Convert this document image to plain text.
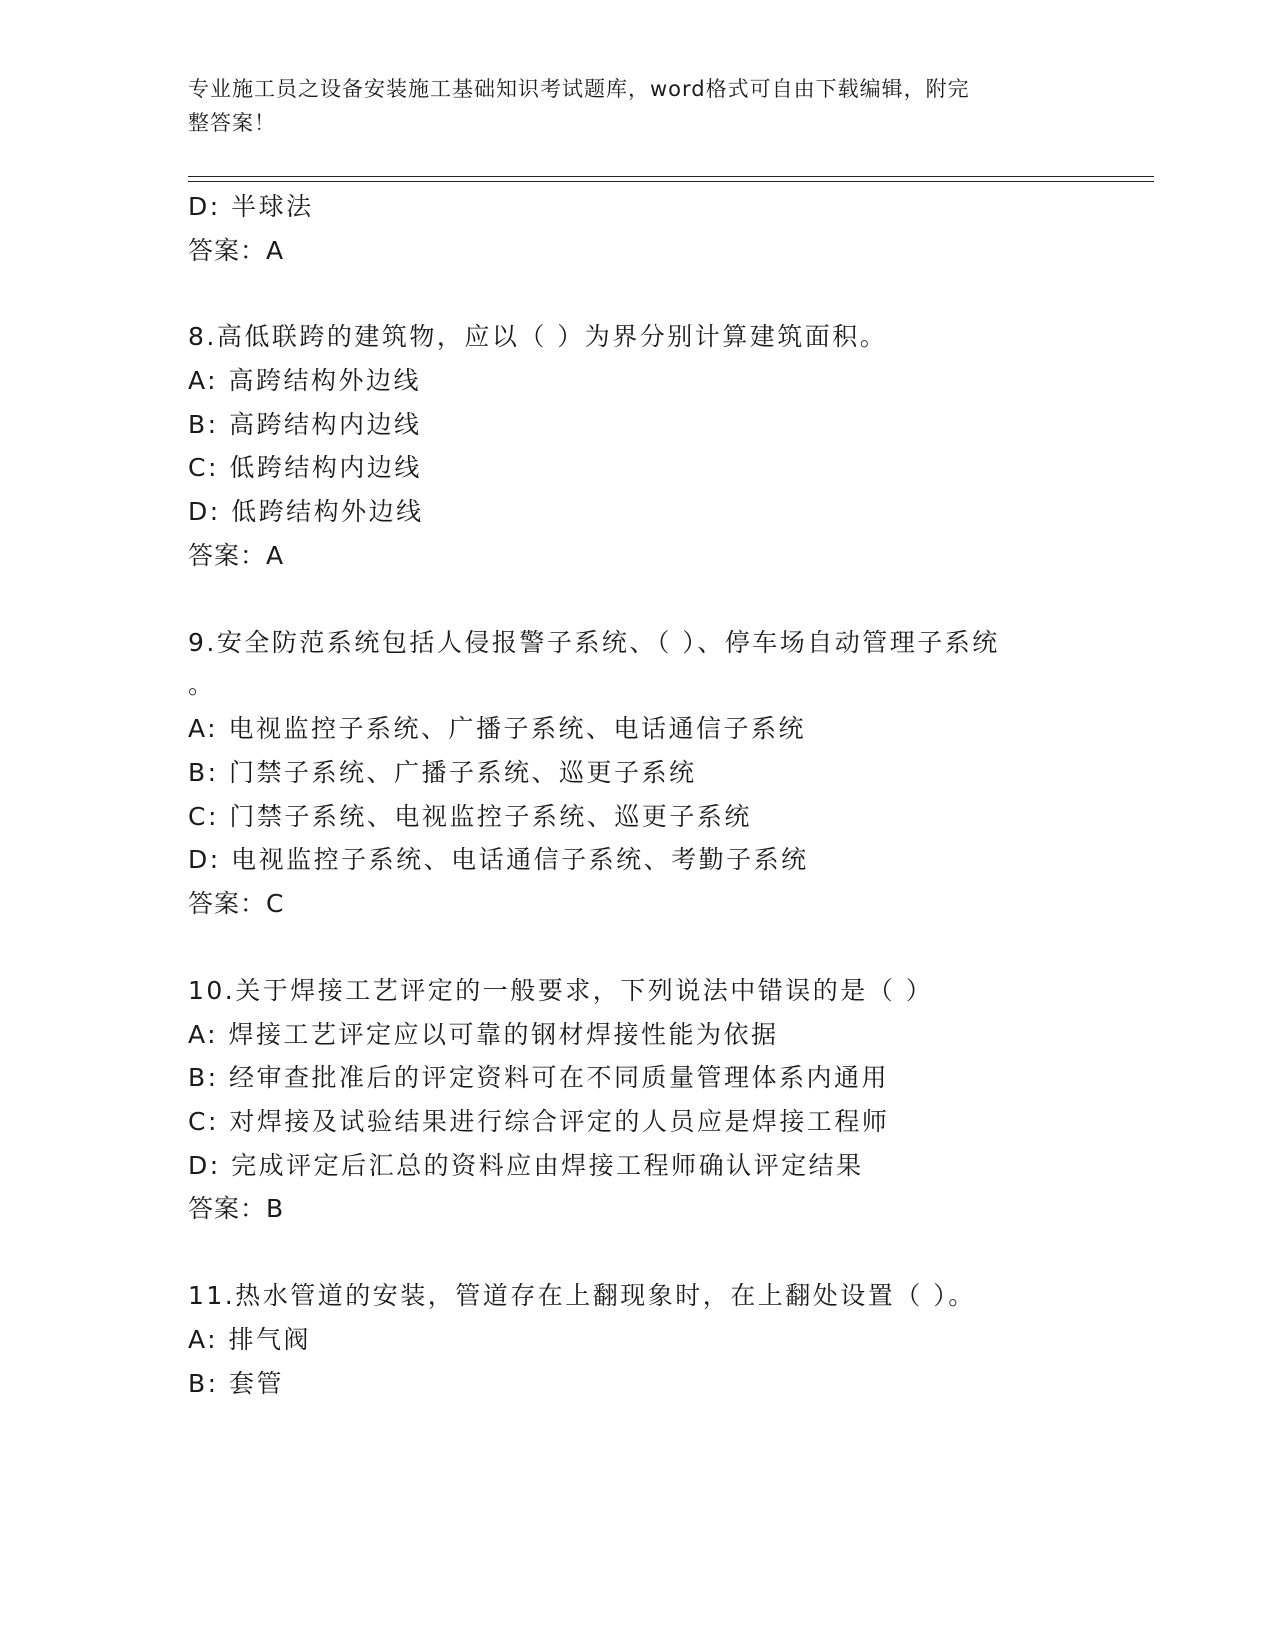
专业施工员之设备安装施工基础知识考试题库，word格式可自由下载编辑，附完
整答案！
D: 半球法
答案：A
8.高低联跨的建筑物，应以（ ）为界分别计算建筑面积。
A: 高跨结构外边线
B: 高跨结构内边线
C: 低跨结构内边线
D: 低跨结构外边线
答案：A
9.安全防范系统包括人侵报警子系统、（ ）、停车场自动管理子系统
。
A: 电视监控子系统、广播子系统、电话通信子系统
B: 门禁子系统、广播子系统、巡更子系统
C: 门禁子系统、电视监控子系统、巡更子系统
D: 电视监控子系统、电话通信子系统、考勤子系统
答案：C
10.关于焊接工艺评定的一般要求，下列说法中错误的是（ ）
A: 焊接工艺评定应以可靠的钢材焊接性能为依据
B: 经审查批准后的评定资料可在不同质量管理体系内通用
C: 对焊接及试验结果进行综合评定的人员应是焊接工程师
D: 完成评定后汇总的资料应由焊接工程师确认评定结果
答案：B
11.热水管道的安装，管道存在上翻现象时，在上翻处设置（ ）。
A: 排气阀
B: 套管
